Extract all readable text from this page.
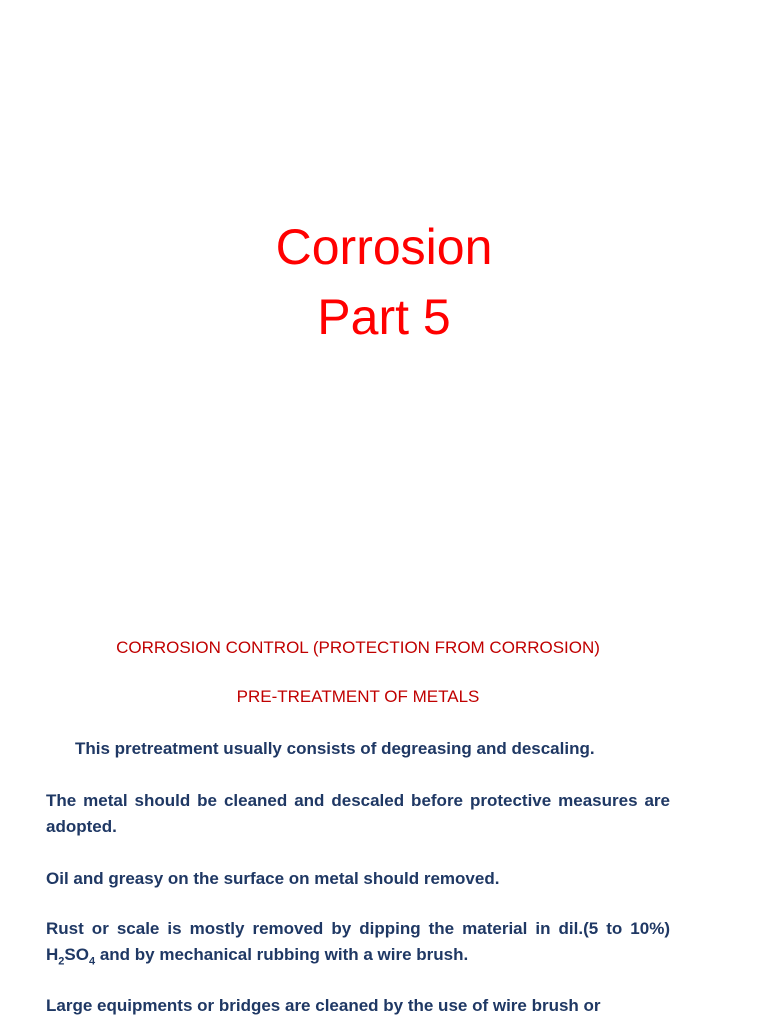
Corrosion
Part 5

CORROSION CONTROL (PROTECTION FROM CORROSION)

PRE-TREATMENT OF METALS

This pretreatment usually consists of degreasing and descaling.

The metal should be cleaned and descaled before protective measures are adopted.

Oil and greasy on the surface on metal should removed.

Rust or scale is mostly removed by dipping the material in dil.(5 to 10%) $H_2SO_4$ and by mechanical rubbing with a wire brush.

Large equipments or bridges are cleaned by the use of wire brush or
